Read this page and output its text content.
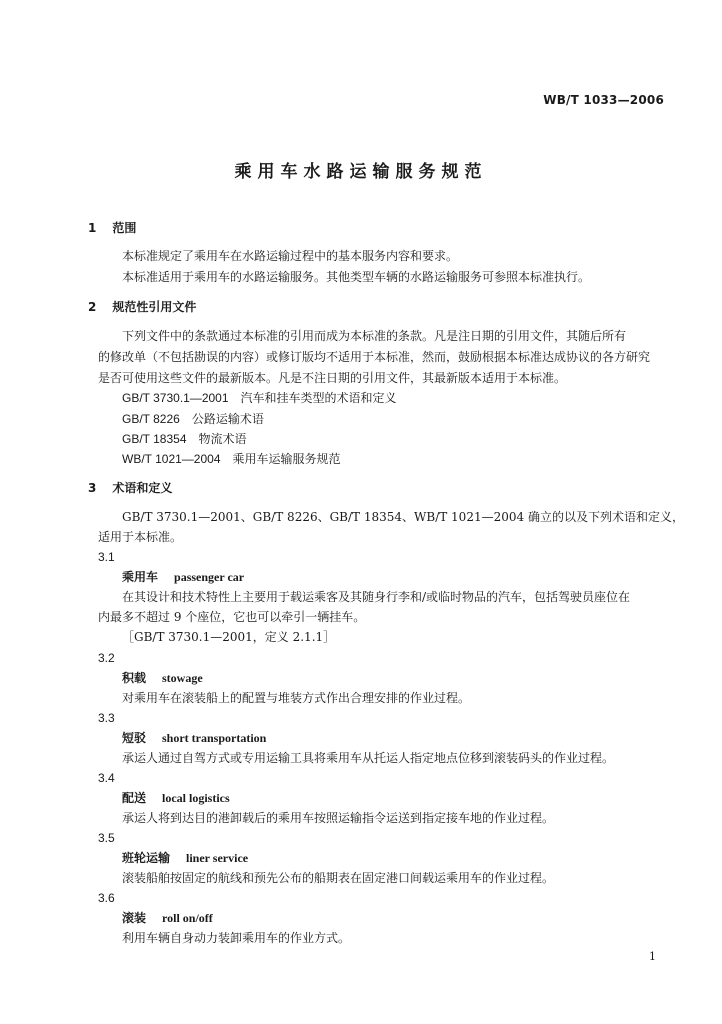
WB/T 1033—2006
乘用车水路运输服务规范
1 范围
本标准规定了乘用车在水路运输过程中的基本服务内容和要求。
本标准适用于乘用车的水路运输服务。其他类型车辆的水路运输服务可参照本标准执行。
2 规范性引用文件
下列文件中的条款通过本标准的引用而成为本标准的条款。凡是注日期的引用文件，其随后所有
的修改单（不包括勘误的内容）或修订版均不适用于本标准，然而，鼓励根据本标准达成协议的各方研究
是否可使用这些文件的最新版本。凡是不注日期的引用文件，其最新版本适用于本标准。
GB/T 3730.1—2001 汽车和挂车类型的术语和定义
GB/T 8226 公路运输术语
GB/T 18354 物流术语
WB/T 1021—2004 乘用车运输服务规范
3 术语和定义
GB/T 3730.1—2001、GB/T 8226、GB/T 18354、WB/T 1021—2004 确立的以及下列术语和定义，
适用于本标准。
3.1
乘用车 passenger car
在其设计和技术特性上主要用于载运乘客及其随身行李和/或临时物品的汽车，包括驾驶员座位在
内最多不超过 9 个座位，它也可以牵引一辆挂车。
［GB/T 3730.1—2001，定义 2.1.1］
3.2
积载 stowage
对乘用车在滚装船上的配置与堆装方式作出合理安排的作业过程。
3.3
短驳 short transportation
承运人通过自驾方式或专用运输工具将乘用车从托运人指定地点位移到滚装码头的作业过程。
3.4
配送 local logistics
承运人将到达目的港卸载后的乘用车按照运输指令运送到指定接车地的作业过程。
3.5
班轮运输 liner service
滚装船舶按固定的航线和预先公布的船期表在固定港口间载运乘用车的作业过程。
3.6
滚装 roll on/off
利用车辆自身动力装卸乘用车的作业方式。
1
